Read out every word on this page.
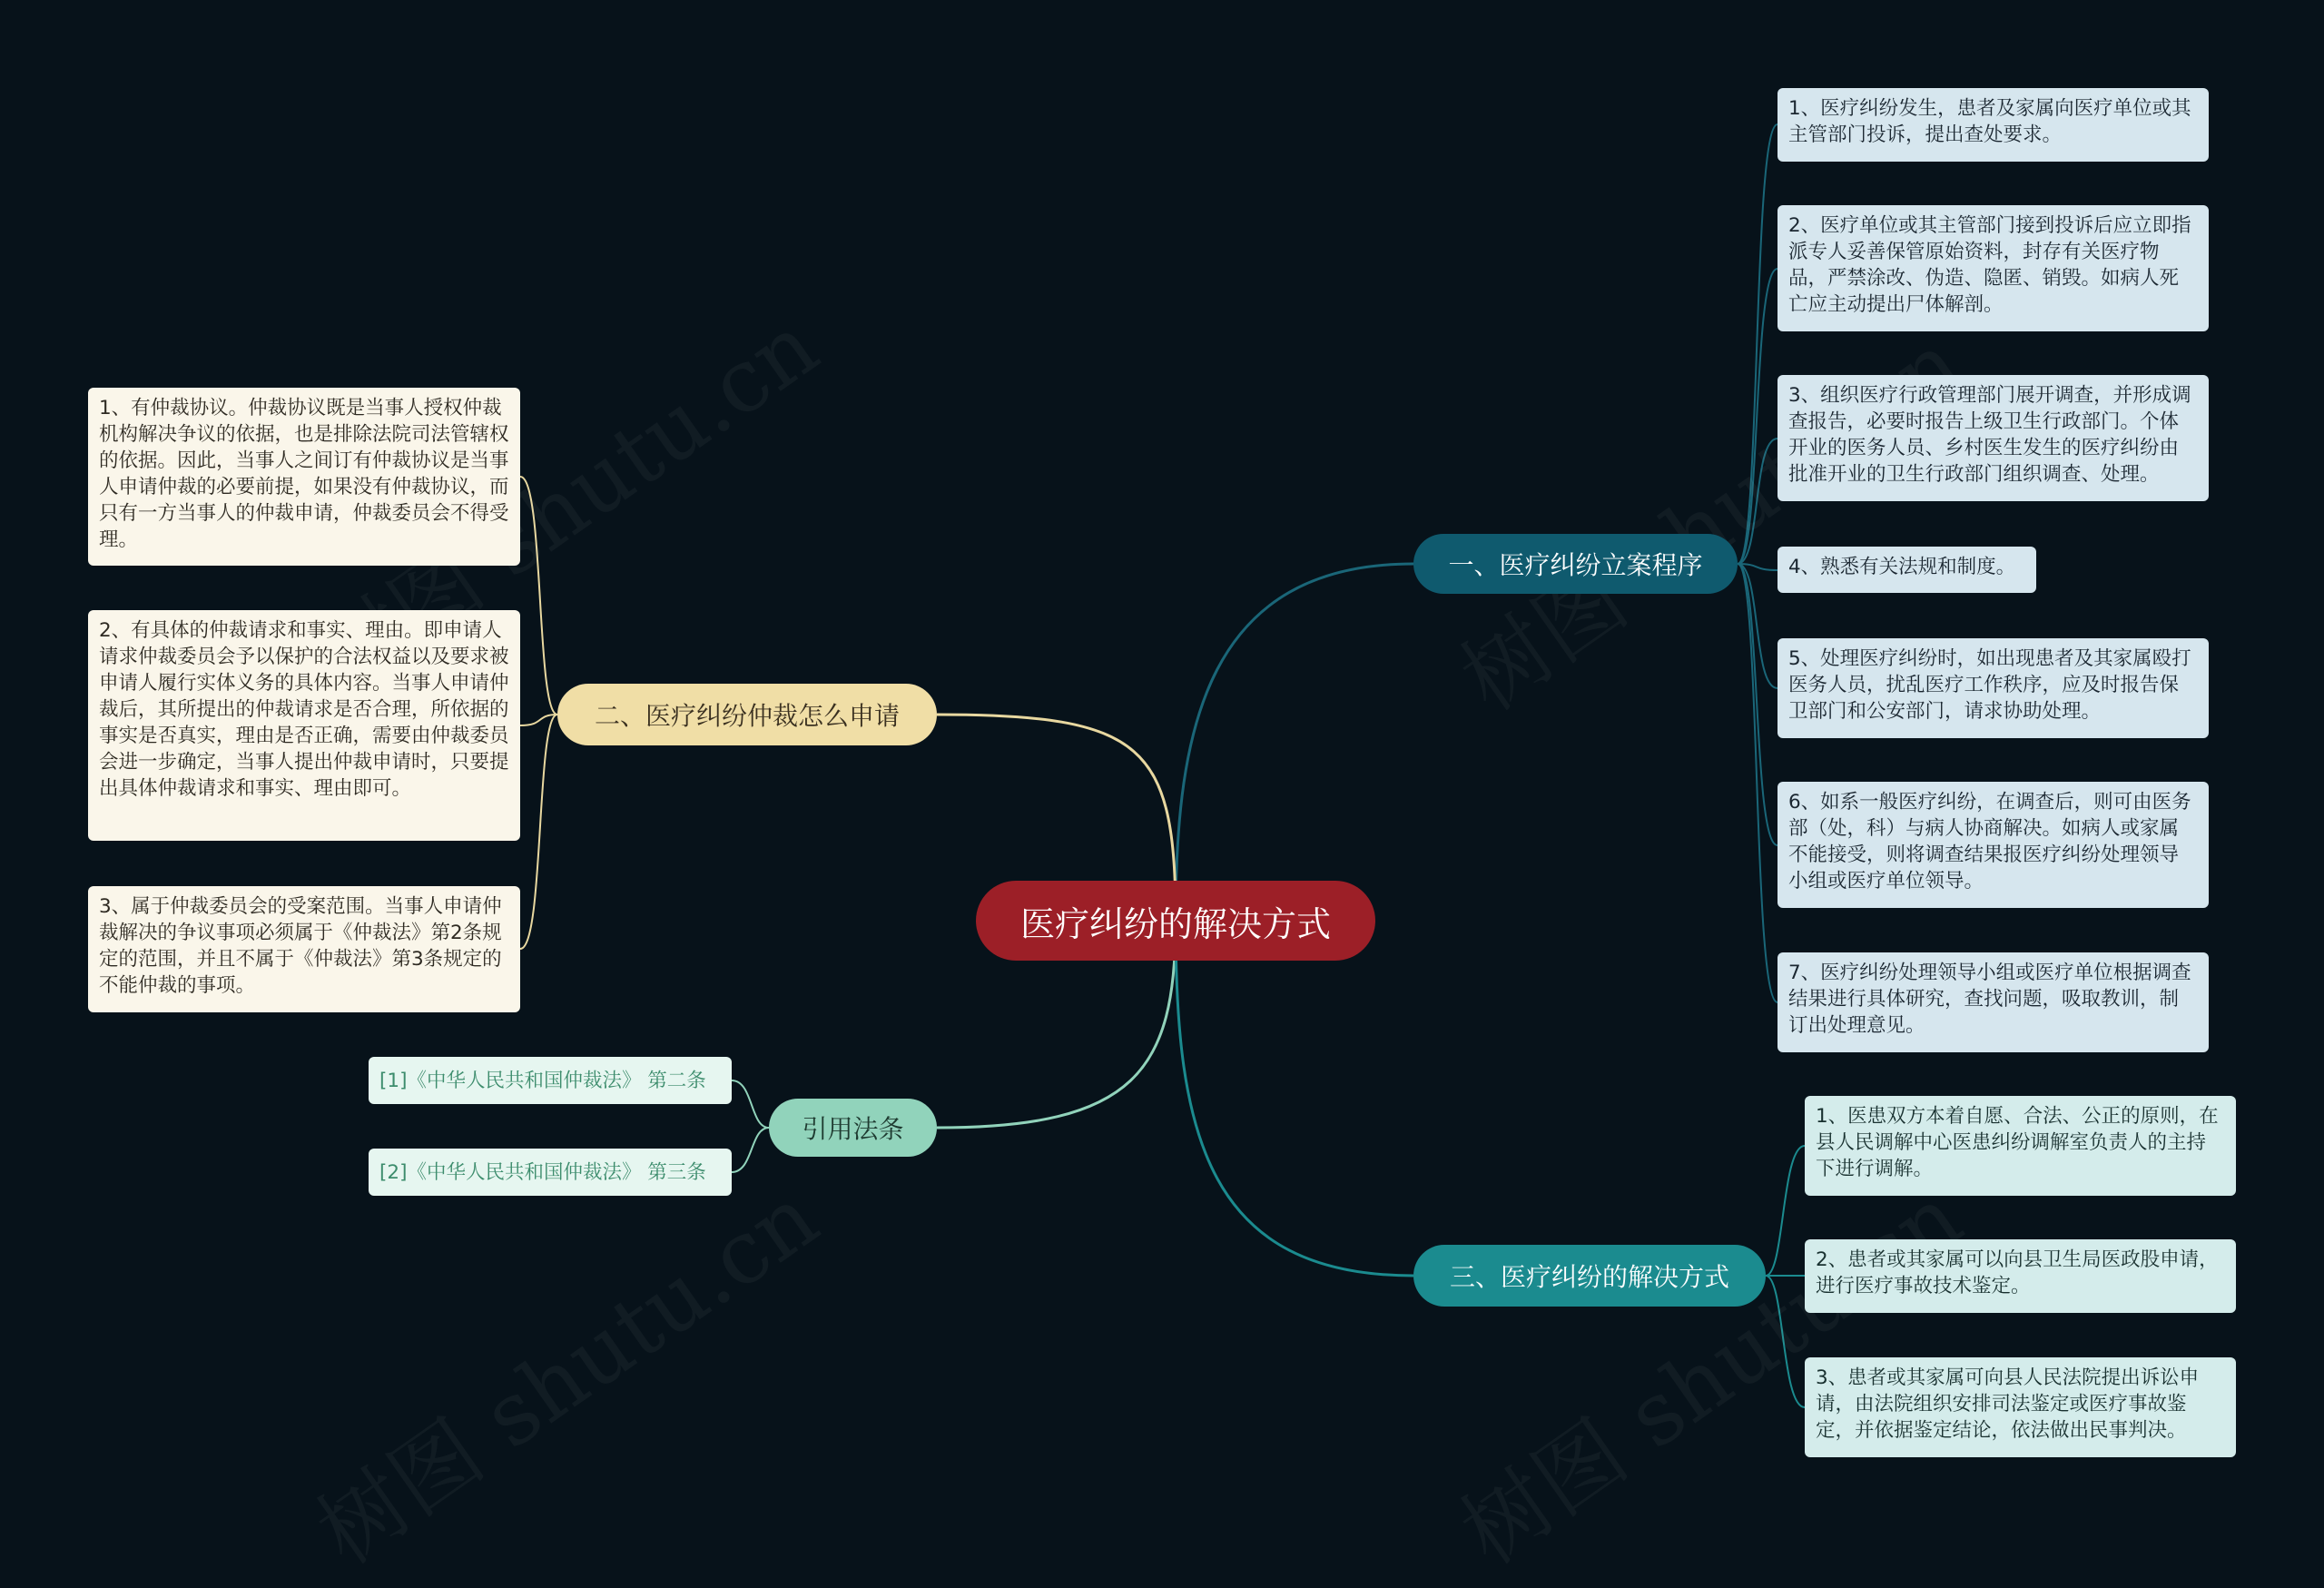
医疗纠纷的解决方式
一、医疗纠纷立案程序
二、医疗纠纷仲裁怎么申请
引用法条
三、医疗纠纷的解决方式
1、医疗纠纷发生，患者及家属向医疗单位或其主管部门投诉，提出查处要求。
2、医疗单位或其主管部门接到投诉后应立即指派专人妥善保管原始资料，封存有关医疗物品，严禁涂改、伪造、隐匿、销毁。如病人死亡应主动提出尸体解剖。
3、组织医疗行政管理部门展开调查，并形成调查报告，必要时报告上级卫生行政部门。个体开业的医务人员、乡村医生发生的医疗纠纷由批准开业的卫生行政部门组织调查、处理。
4、熟悉有关法规和制度。
5、处理医疗纠纷时，如出现患者及其家属殴打医务人员，扰乱医疗工作秩序，应及时报告保卫部门和公安部门，请求协助处理。
6、如系一般医疗纠纷，在调查后，则可由医务部（处，科）与病人协商解决。如病人或家属不能接受，则将调查结果报医疗纠纷处理领导小组或医疗单位领导。
7、医疗纠纷处理领导小组或医疗单位根据调查结果进行具体研究，查找问题，吸取教训，制订出处理意见。
1、有仲裁协议。仲裁协议既是当事人授权仲裁机构解决争议的依据，也是排除法院司法管辖权的依据。因此，当事人之间订有仲裁协议是当事人申请仲裁的必要前提，如果没有仲裁协议，而只有一方当事人的仲裁申请，仲裁委员会不得受理。
2、有具体的仲裁请求和事实、理由。即申请人请求仲裁委员会予以保护的合法权益以及要求被申请人履行实体义务的具体内容。当事人申请仲裁后，其所提出的仲裁请求是否合理，所依据的事实是否真实，理由是否正确，需要由仲裁委员会进一步确定，当事人提出仲裁申请时，只要提出具体仲裁请求和事实、理由即可。
3、属于仲裁委员会的受案范围。当事人申请仲裁解决的争议事项必须属于《仲裁法》第2条规定的范围，并且不属于《仲裁法》第3条规定的不能仲裁的事项。
[1]《中华人民共和国仲裁法》 第二条
[2]《中华人民共和国仲裁法》 第三条
1、医患双方本着自愿、合法、公正的原则，在县人民调解中心医患纠纷调解室负责人的主持下进行调解。
2、患者或其家属可以向县卫生局医政股申请，进行医疗事故技术鉴定。
3、患者或其家属可向县人民法院提出诉讼申请，由法院组织安排司法鉴定或医疗事故鉴定，并依据鉴定结论，依法做出民事判决。
